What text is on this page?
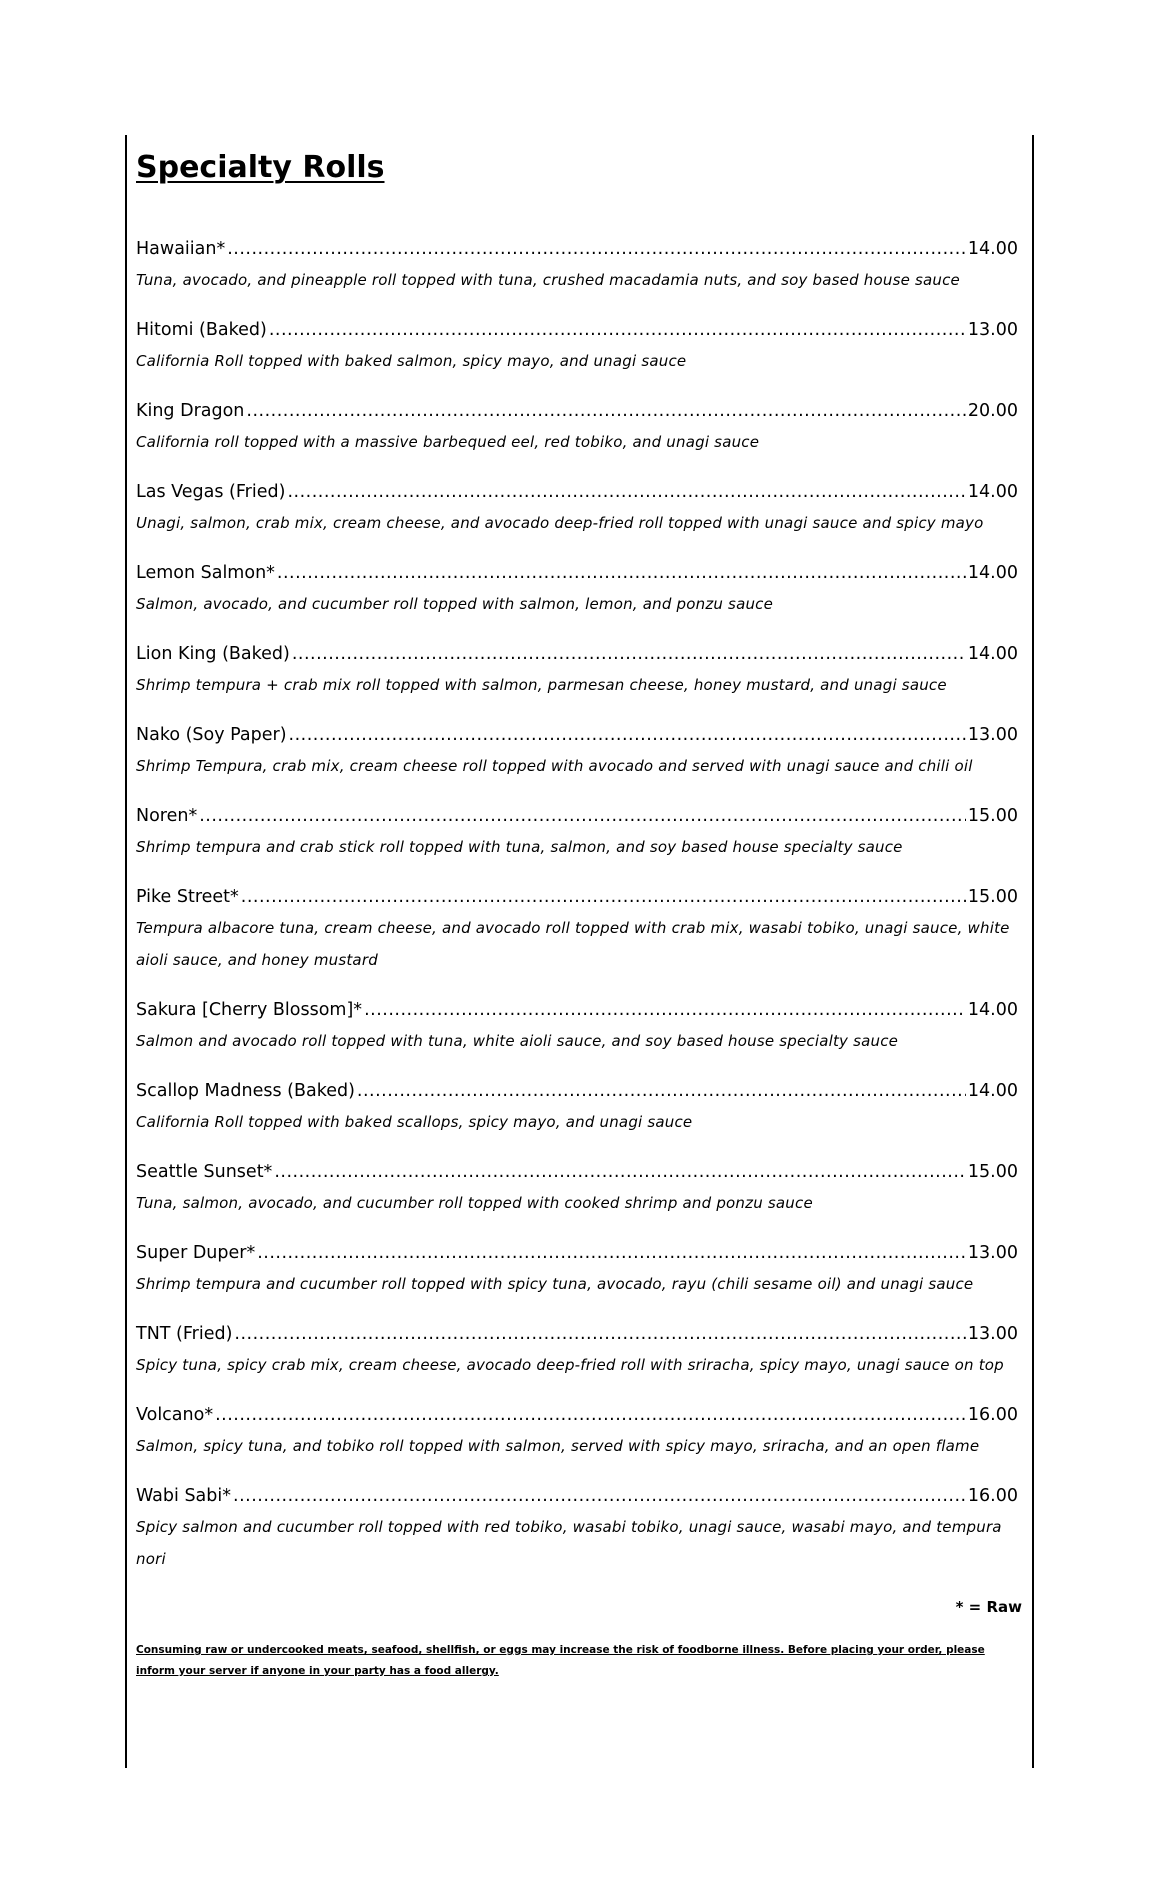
Specialty Rolls
Hawaiian* .....	14.00
Tuna, avocado, and pineapple roll topped with tuna, crushed macadamia nuts, and soy based house sauce
Hitomi (Baked) .....	13.00
California Roll topped with baked salmon, spicy mayo, and unagi sauce
King Dragon .....	20.00
California roll topped with a massive barbequed eel, red tobiko, and unagi sauce
Las Vegas (Fried) .....	14.00
Unagi, salmon, crab mix, cream cheese, and avocado deep-fried roll topped with unagi sauce and spicy mayo
Lemon Salmon* .....	14.00
Salmon, avocado, and cucumber roll topped with salmon, lemon, and ponzu sauce
Lion King (Baked) .....	14.00
Shrimp tempura + crab mix roll topped with salmon, parmesan cheese, honey mustard, and unagi sauce
Nako (Soy Paper) .....	13.00
Shrimp Tempura, crab mix, cream cheese roll topped with avocado and served with unagi sauce and chili oil
Noren* .....	15.00
Shrimp tempura and crab stick roll topped with tuna, salmon, and soy based house specialty sauce
Pike Street* .....	15.00
Tempura albacore tuna, cream cheese, and avocado roll topped with crab mix, wasabi tobiko, unagi sauce, white aioli sauce, and honey mustard
Sakura [Cherry Blossom]* .....	14.00
Salmon and avocado roll topped with tuna, white aioli sauce, and soy based house specialty sauce
Scallop Madness (Baked) .....	14.00
California Roll topped with baked scallops, spicy mayo, and unagi sauce
Seattle Sunset* .....	15.00
Tuna, salmon, avocado, and cucumber roll topped with cooked shrimp and ponzu sauce
Super Duper* .....	13.00
Shrimp tempura and cucumber roll topped with spicy tuna, avocado, rayu (chili sesame oil) and unagi sauce
TNT (Fried) .....	13.00
Spicy tuna, spicy crab mix, cream cheese, avocado deep-fried roll with sriracha, spicy mayo, unagi sauce on top
Volcano* .....	16.00
Salmon, spicy tuna, and tobiko roll topped with salmon, served with spicy mayo, sriracha, and an open flame
Wabi Sabi* .....	16.00
Spicy salmon and cucumber roll topped with red tobiko, wasabi tobiko, unagi sauce, wasabi mayo, and tempura nori
* = Raw
Consuming raw or undercooked meats, seafood, shellfish, or eggs may increase the risk of foodborne illness. Before placing your order, please inform your server if anyone in your party has a food allergy.
